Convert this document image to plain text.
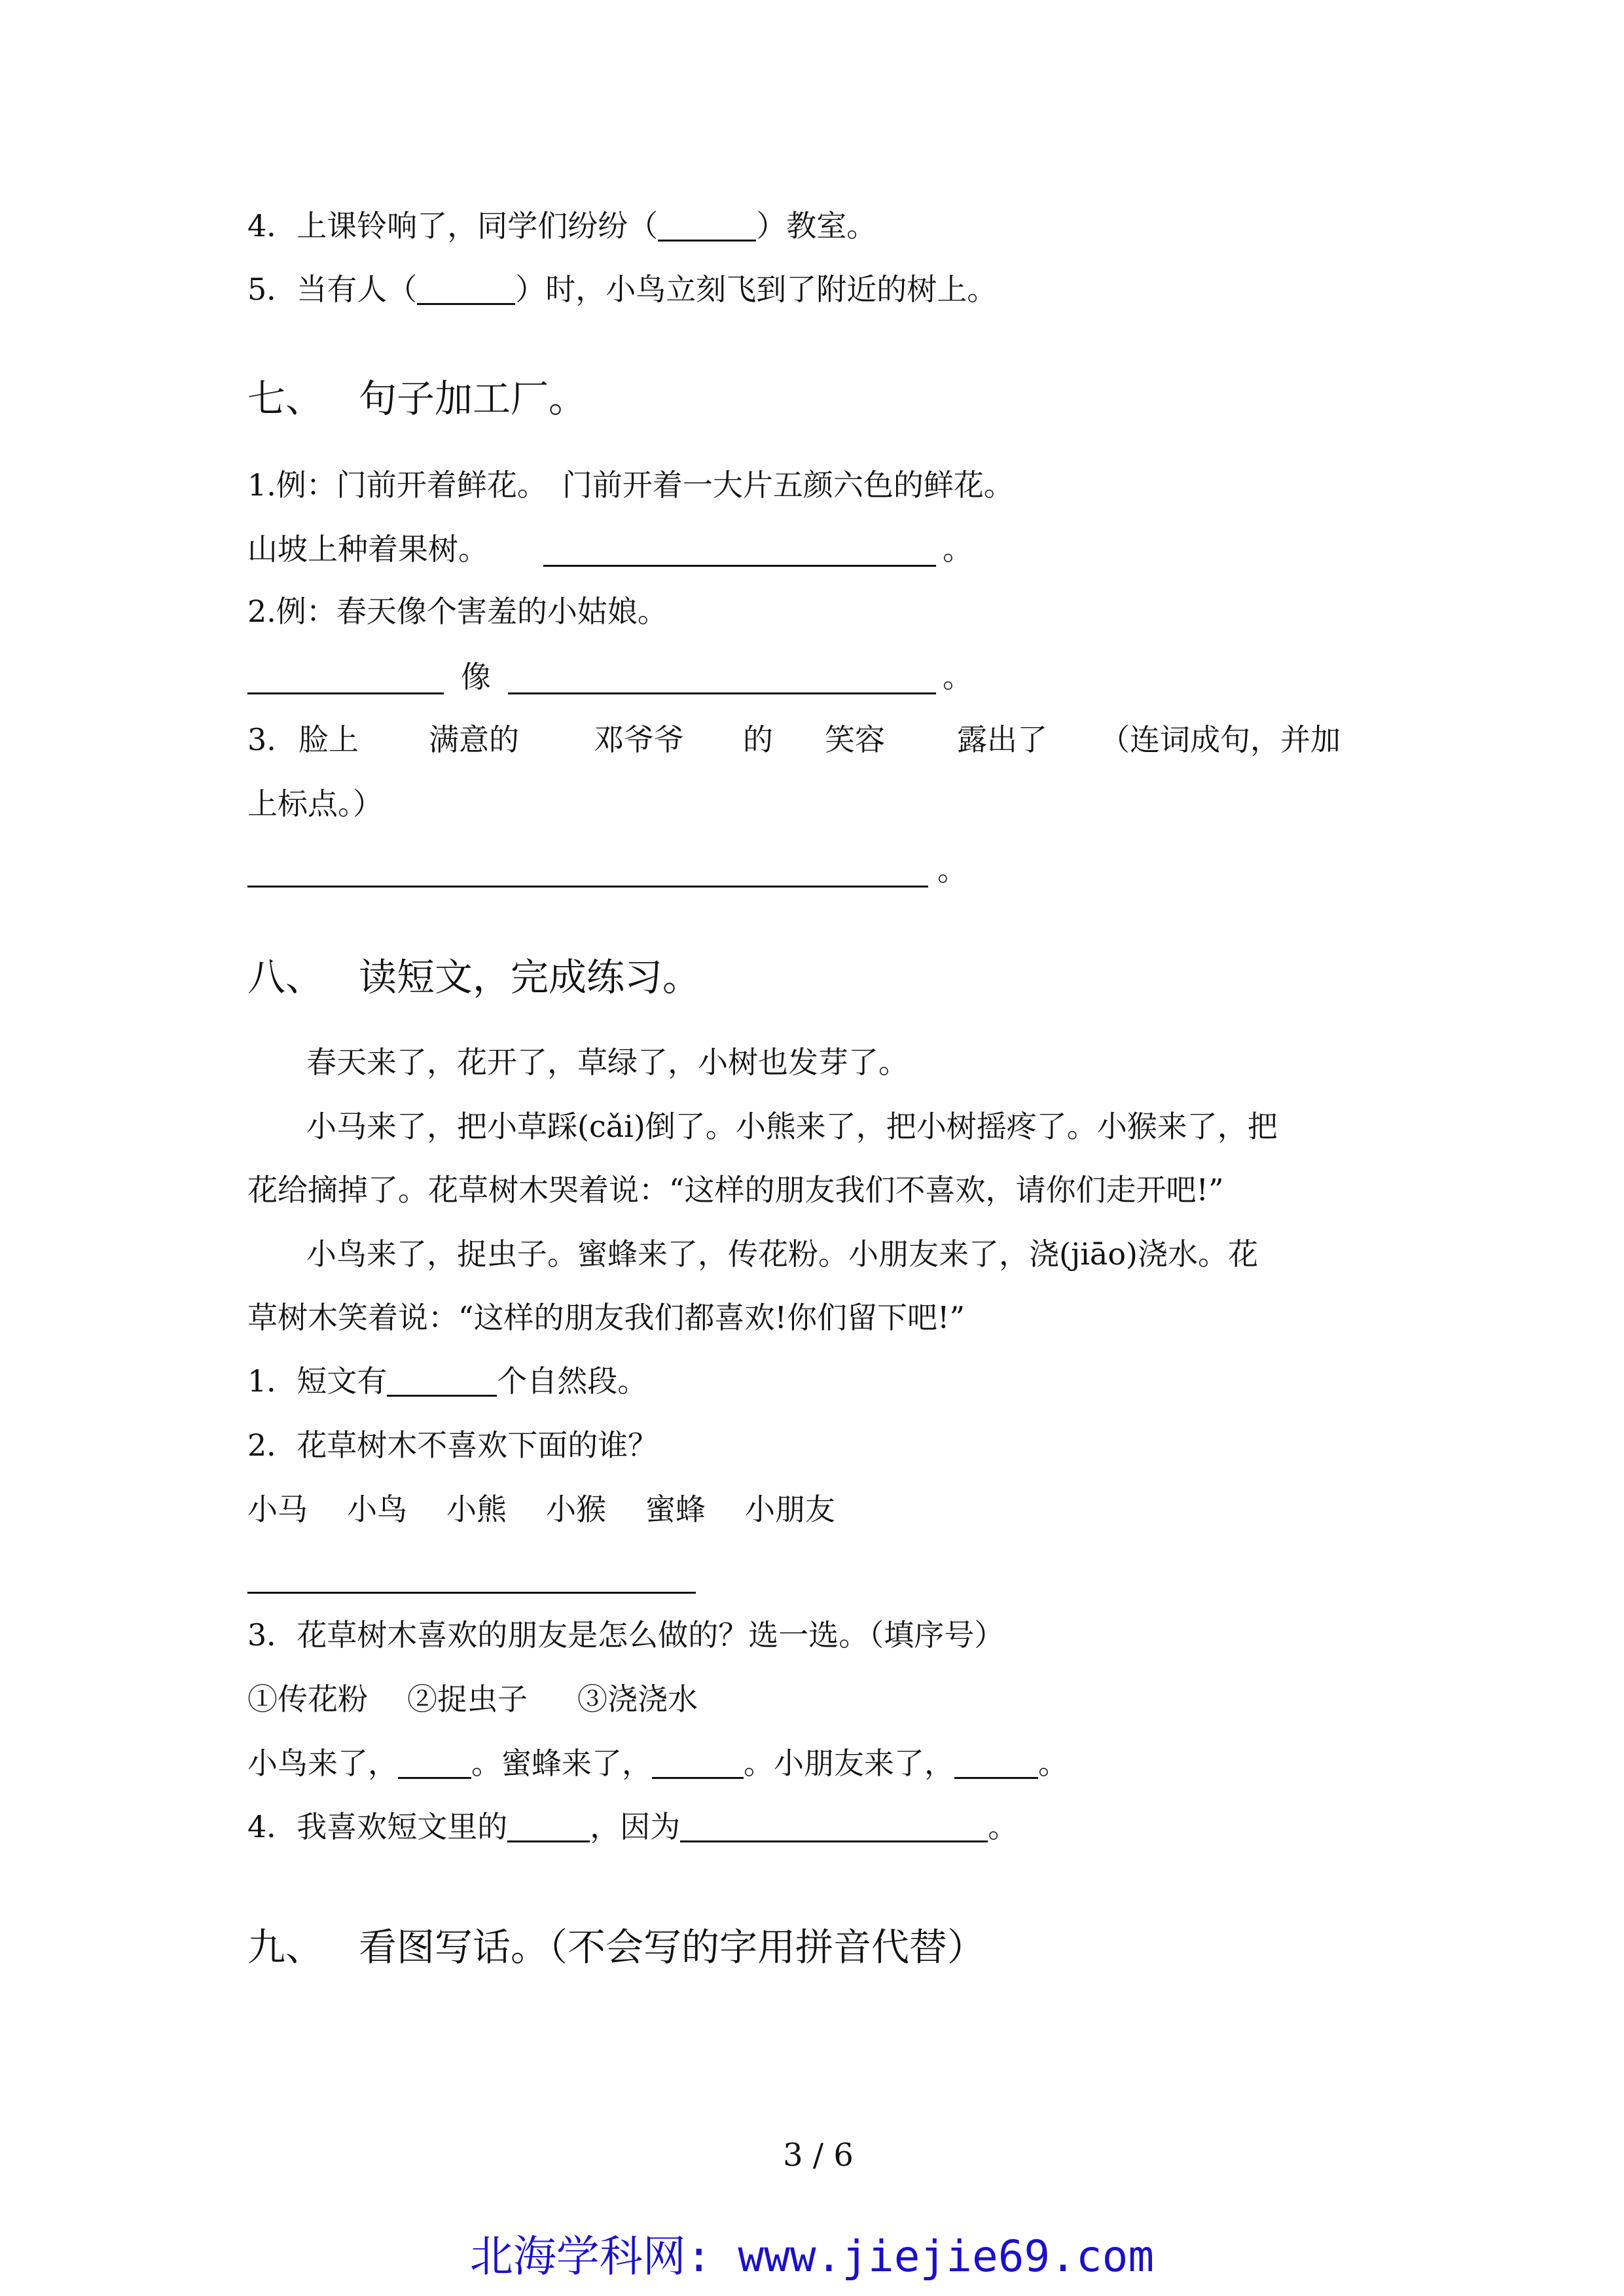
4．上课铃响了，同学们纷纷（	）教室。
5．当有人（	）时，小鸟立刻飞到了附近的树上。
七、 句子加工厂。
1.例：门前开着鲜花。　门前开着一大片五颜六色的鲜花。
山坡上种着果树。	。
2.例：春天像个害羞的小姑娘。
像	。
3. 脸上 满意的 邓爷爷 的 笑容 露出了 （连词成句，并加
上标点。）
。
八、 读短文，完成练习。
春天来了，花开了，草绿了，小树也发芽了。
小马来了，把小草踩(cǎi)倒了。小熊来了，把小树摇疼了。小猴来了，把
花给摘掉了。花草树木哭着说：“这样的朋友我们不喜欢，请你们走开吧!”
小鸟来了，捉虫子。蜜蜂来了，传花粉。小朋友来了，浇(jiāo)浇水。花
草树木笑着说：“这样的朋友我们都喜欢!你们留下吧!”
1．短文有	个自然段。
2．花草树木不喜欢下面的谁？
小马 小鸟 小熊 小猴 蜜蜂 小朋友
3．花草树木喜欢的朋友是怎么做的？选一选。（填序号）
①传花粉 ②捉虫子 ③浇浇水
小鸟来了， 。蜜蜂来了，	。小朋友来了，	。
4．我喜欢短文里的	，因为	。
九、 看图写话。（不会写的字用拼音代替）
3 / 6
北海学科网: www.jiejie69.com
